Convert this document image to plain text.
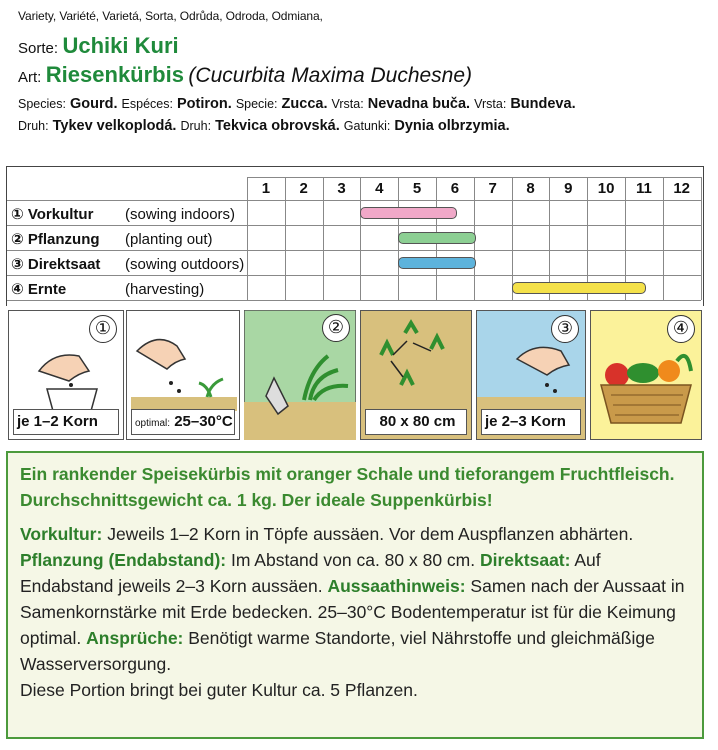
Variety, Variété, Varietá, Sorta, Odrůda, Odroda, Odmiana,
Sorte: Uchiki Kuri
Art: Riesenkürbis (Cucurbita Maxima Duchesne)
Species: Gourd. Espéces: Potiron. Specie: Zucca. Vrsta: Nevadna buča. Vrsta: Bundeva.
Druh: Tykev velkoplodá. Druh: Tekvica obrovská. Gatunki: Dynia olbrzymia.
① Vorkultur (sowing indoors)
② Pflanzung (planting out)
③ Direktsaat (sowing outdoors)
④ Ernte	(harvesting)
1	2	3	4	5	6	7	8	9	10	11	12
①
je 1–2 Korn	optimal: 25–30°C
②
80 x 80 cm
③
je 2–3 Korn
④
Ein rankender Speisekürbis mit oranger Schale und tieforangem Fruchtfleisch. Durchschnittsgewicht ca. 1 kg. Der ideale Suppenkürbis!
Vorkultur: Jeweils 1–2 Korn in Töpfe aussäen. Vor dem Auspflanzen abhärten.
Pflanzung (Endabstand): Im Abstand von ca. 80 x 80 cm. Direktsaat: Auf Endabstand jeweils 2–3 Korn aussäen. Aussaathinweis: Samen nach der Aussaat in Samenkornstärke mit Erde bedecken. 25–30°C Bodentemperatur ist für die Keimung optimal. Ansprüche: Benötigt warme Standorte, viel Nährstoffe und gleichmäßige Wasserversorgung.
Diese Portion bringt bei guter Kultur ca. 5 Pflanzen.
